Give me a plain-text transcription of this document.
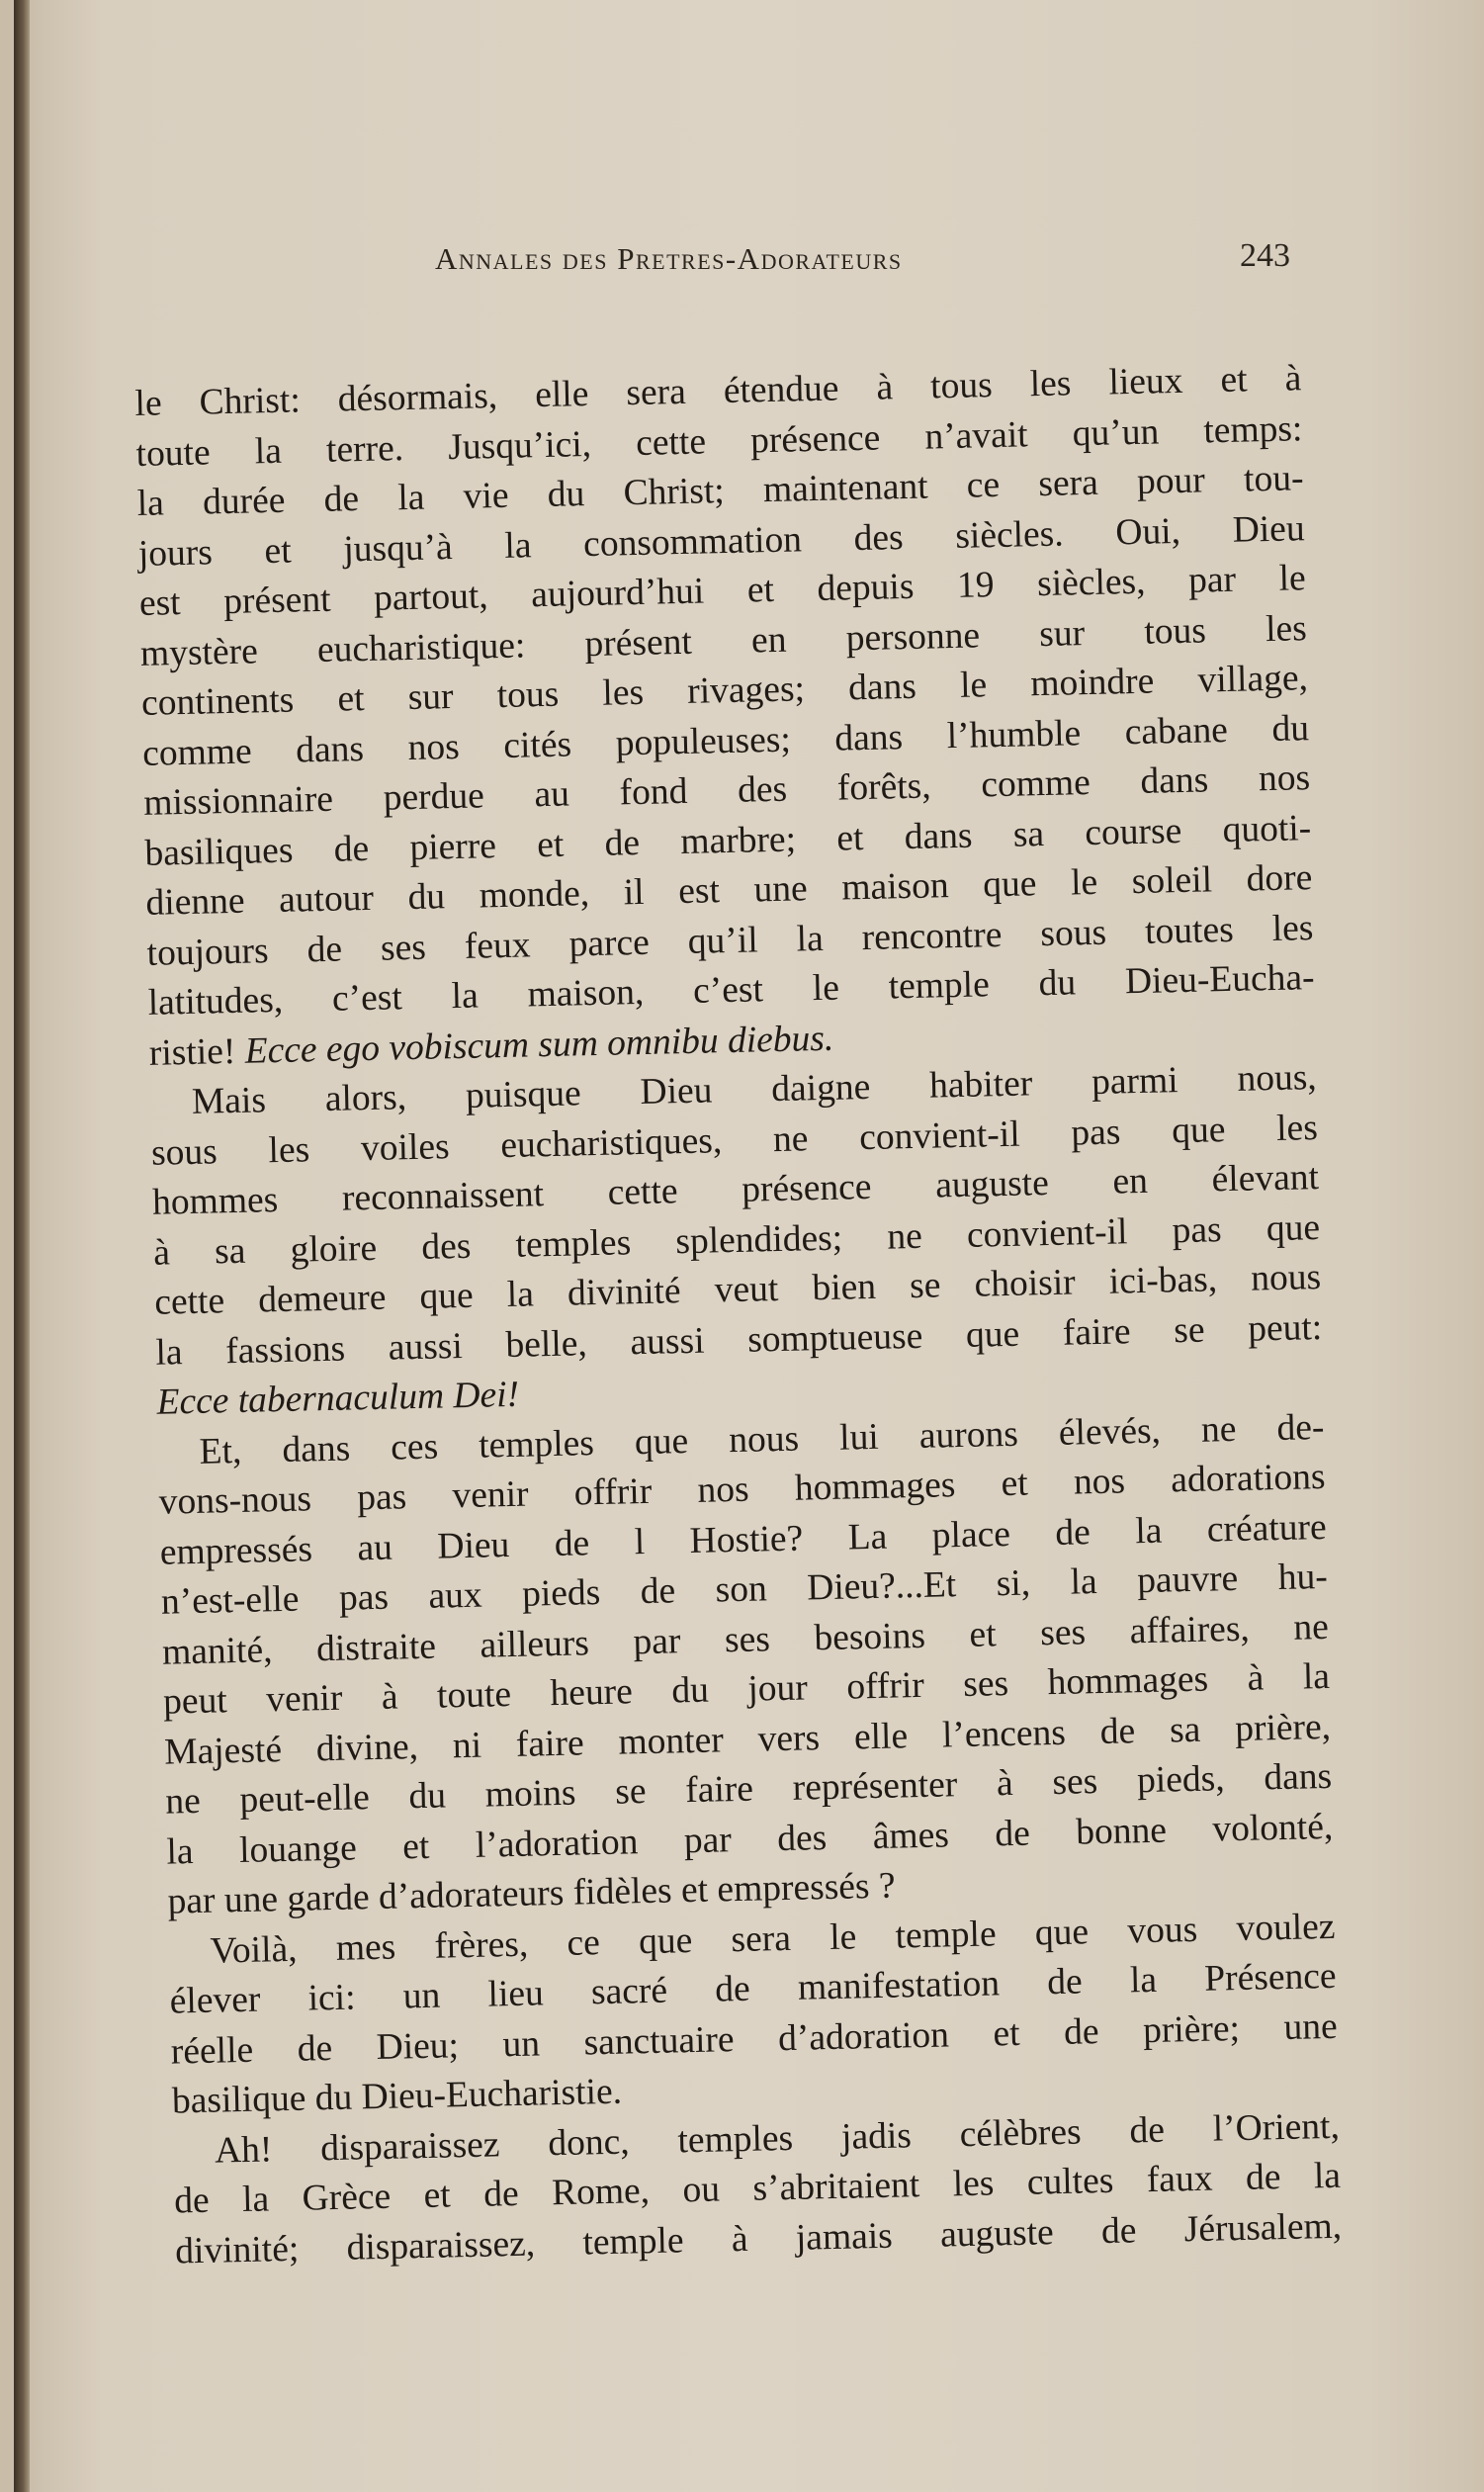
Annales des Pretres-Adorateurs	243
le Christ: désormais, elle sera étendue à tous les lieux et à
toute la terre. Jusqu’ici, cette présence n’avait qu’un temps:
la durée de la vie du Christ; maintenant ce sera pour tou-
jours et jusqu’à la consommation des siècles. Oui, Dieu
est présent partout, aujourd’hui et depuis 19 siècles, par le
mystère eucharistique: présent en personne sur tous les
continents et sur tous les rivages; dans le moindre village,
comme dans nos cités populeuses; dans l’humble cabane du
missionnaire perdue au fond des forêts, comme dans nos
basiliques de pierre et de marbre; et dans sa course quoti-
dienne autour du monde, il est une maison que le soleil dore
toujours de ses feux parce qu’il la rencontre sous toutes les
latitudes, c’est la maison, c’est le temple du Dieu-Eucha-
ristie! Ecce ego vobiscum sum omnibu diebus.
Mais alors, puisque Dieu daigne habiter parmi nous,
sous les voiles eucharistiques, ne convient-il pas que les
hommes reconnaissent cette présence auguste en élevant
à sa gloire des temples splendides; ne convient-il pas que
cette demeure que la divinité veut bien se choisir ici-bas, nous
la fassions aussi belle, aussi somptueuse que faire se peut:
Ecce tabernaculum Dei!
Et, dans ces temples que nous lui aurons élevés, ne de-
vons-nous pas venir offrir nos hommages et nos adorations
empressés au Dieu de l Hostie? La place de la créature
n’est-elle pas aux pieds de son Dieu?...Et si, la pauvre hu-
manité, distraite ailleurs par ses besoins et ses affaires, ne
peut venir à toute heure du jour offrir ses hommages à la
Majesté divine, ni faire monter vers elle l’encens de sa prière,
ne peut-elle du moins se faire représenter à ses pieds, dans
la louange et l’adoration par des âmes de bonne volonté,
par une garde d’adorateurs fidèles et empressés ?
Voilà, mes frères, ce que sera le temple que vous voulez
élever ici: un lieu sacré de manifestation de la Présence
réelle de Dieu; un sanctuaire d’adoration et de prière; une
basilique du Dieu-Eucharistie.
Ah! disparaissez donc, temples jadis célèbres de l’Orient,
de la Grèce et de Rome, ou s’abritaient les cultes faux de la
divinité; disparaissez, temple à jamais auguste de Jérusalem,
